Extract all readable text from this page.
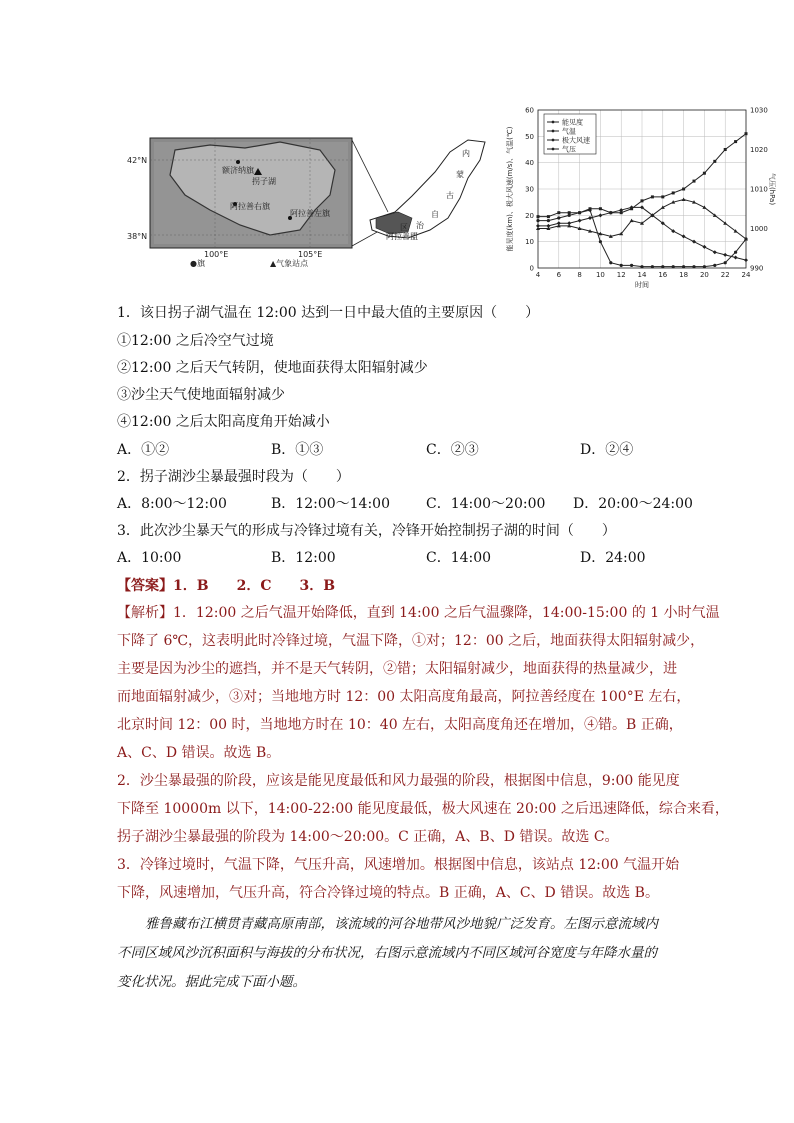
42°N
38°N
100°E	105°E
额济纳旗
拐子湖
阿拉善右旗
阿拉善左旗
●旗	▲气象站点
内
蒙
古
自
治
区
阿拉善盟
0
10
20
30
40
50
60
4 6 8 10 12 14 16 18 20 22 24
990
1000
1010
1020
1030
时间
能见度(km)、极大风速(m/s)、气温(℃)	气压(hPa)
能见度
气温
极大风速
气压
1．该日拐子湖气温在 12:00 达到一日中最大值的主要原因（　　）
①12:00 之后冷空气过境
②12:00 之后天气转阴，使地面获得太阳辐射减少
③沙尘天气使地面辐射减少
④12:00 之后太阳高度角开始减小
A．①②	B．①③	C．②③	D．②④
2．拐子湖沙尘暴最强时段为（　　）
A．8:00～12:00	B．12:00～14:00	C．14:00～20:00 D．20:00～24:00
3．此次沙尘暴天气的形成与冷锋过境有关，冷锋开始控制拐子湖的时间（　　）
A．10:00	B．12:00	C．14:00	D．24:00
【答案】1．B　　2．C　　3．B
【解析】1．12:00 之后气温开始降低，直到 14:00 之后气温骤降，14:00-15:00 的 1 小时气温
下降了 6℃，这表明此时冷锋过境，气温下降，①对；12：00 之后，地面获得太阳辐射减少，
主要是因为沙尘的遮挡，并不是天气转阴，②错；太阳辐射减少，地面获得的热量减少，进
而地面辐射减少，③对；当地地方时 12：00 太阳高度角最高，阿拉善经度在 100°E 左右，
北京时间 12：00 时，当地地方时在 10：40 左右，太阳高度角还在增加，④错。B 正确，
A、C、D 错误。故选 B。
2．沙尘暴最强的阶段，应该是能见度最低和风力最强的阶段，根据图中信息，9:00 能见度
下降至 10000m 以下，14:00-22:00 能见度最低，极大风速在 20:00 之后迅速降低，综合来看，
拐子湖沙尘暴最强的阶段为 14:00～20:00。C 正确，A、B、D 错误。故选 C。
3．冷锋过境时，气温下降，气压升高，风速增加。根据图中信息，该站点 12:00 气温开始
下降，风速增加，气压升高，符合冷锋过境的特点。B 正确，A、C、D 错误。故选 B。
雅鲁藏布江横贯青藏高原南部，该流域的河谷地带风沙地貌广泛发育。左图示意流域内
不同区域风沙沉积面积与海拔的分布状况，右图示意流域内不同区域河谷宽度与年降水量的
变化状况。据此完成下面小题。
